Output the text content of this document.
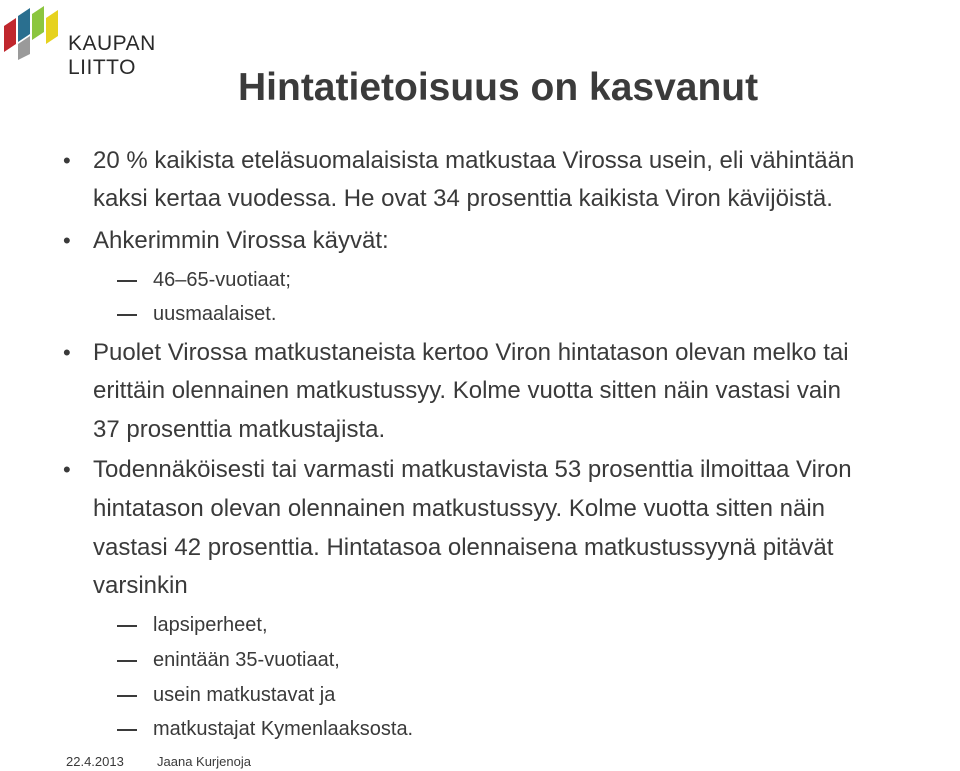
KAUPAN LIITTO	Hintatietoisuus on kasvanut
• 20 % kaikista eteläsuomalaisista matkustaa Virossa usein, eli vähintään
kaksi kertaa vuodessa. He ovat 34 prosenttia kaikista Viron kävijöistä.
• Ahkerimmin Virossa käyvät:
46–65-vuotiaat;
uusmaalaiset.
• Puolet Virossa matkustaneista kertoo Viron hintatason olevan melko tai
erittäin olennainen matkustussyy. Kolme vuotta sitten näin vastasi vain
37 prosenttia matkustajista.
• Todennäköisesti tai varmasti matkustavista 53 prosenttia ilmoittaa Viron
hintatason olevan olennainen matkustussyy. Kolme vuotta sitten näin
vastasi 42 prosenttia. Hintatasoa olennaisena matkustussyynä pitävät
varsinkin
lapsiperheet,
enintään 35-vuotiaat,
usein matkustavat ja
matkustajat Kymenlaaksosta.
22.4.2013	Jaana Kurjenoja
